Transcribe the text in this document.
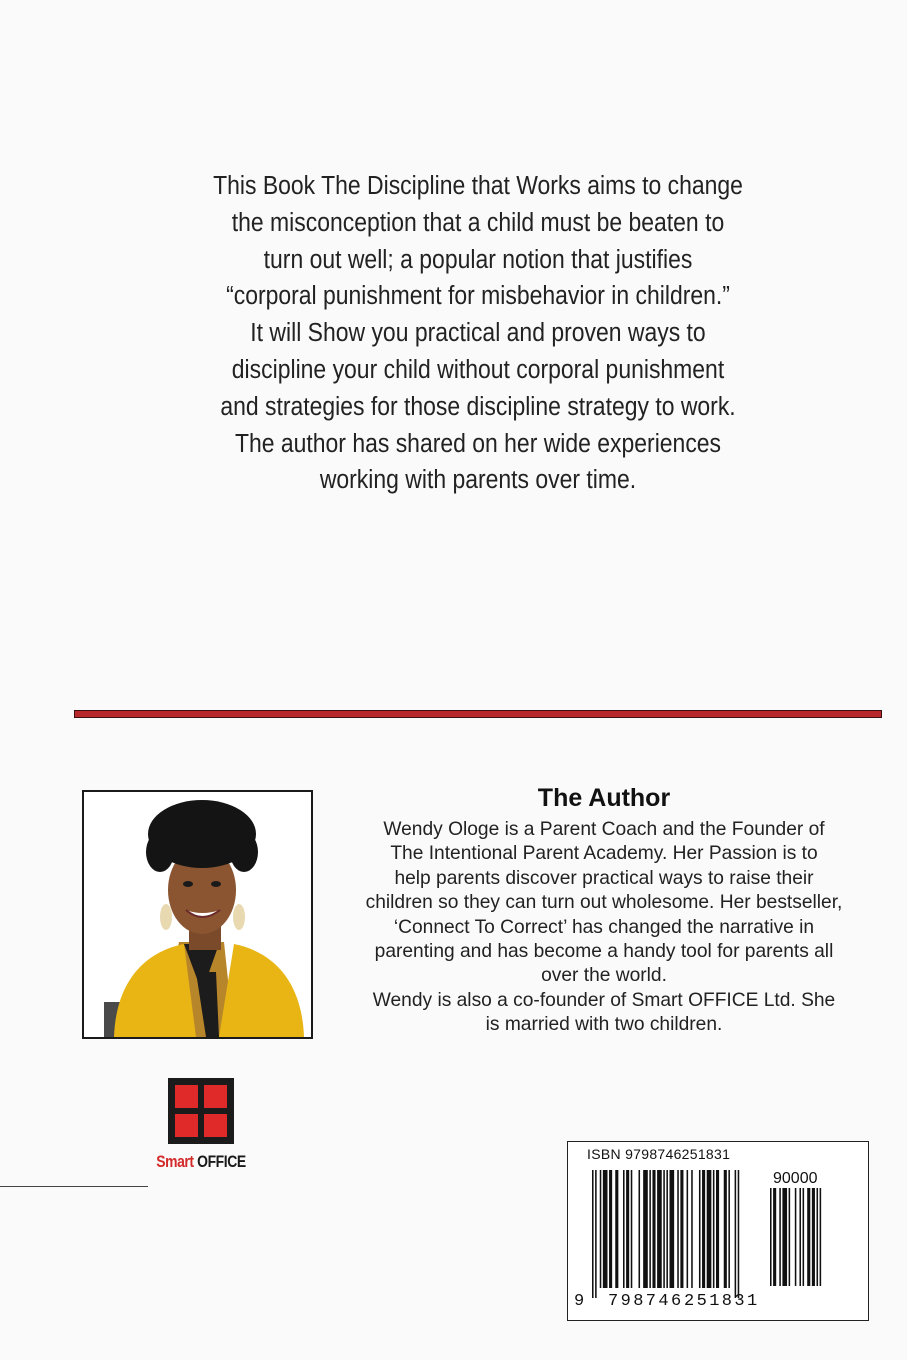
This Book The Discipline that Works aims to change
the misconception that a child must be beaten to
turn out well; a popular notion that justifies
“corporal punishment for misbehavior in children.”
It will Show you practical and proven ways to
discipline your child without corporal punishment
and strategies for those discipline strategy to work.
The author has shared on her wide experiences
working with parents over time.
The Author
Wendy Ologe is a Parent Coach and the Founder of
The Intentional Parent Academy. Her Passion is to
help parents discover practical ways to raise their
children so they can turn out wholesome. Her bestseller,
‘Connect To Correct’ has changed the narrative in
parenting and has become a handy tool for parents all
over the world.
Wendy is also a co-founder of Smart OFFICE Ltd. She
is married with two children.
Smart OFFICE	ISBN 9798746251831
90000
9 798746 251831
